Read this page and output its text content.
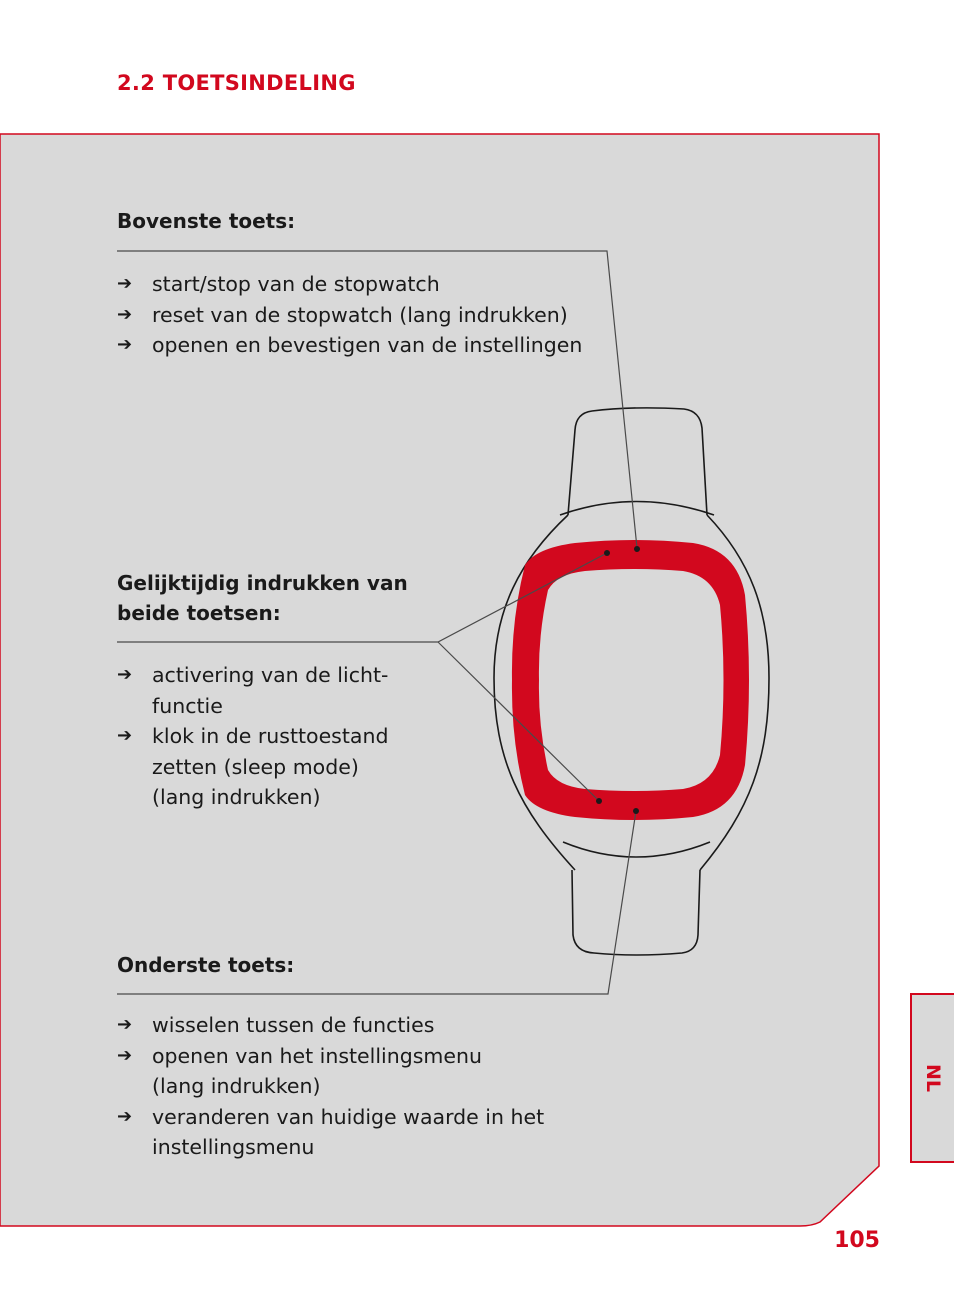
2.2 TOETSINDELING
Bovenste toets:
➔ start/stop van de stopwatch
➔ reset van de stopwatch (lang indrukken)
➔ openen en bevestigen van de instellingen
Gelijktijdig indrukken van
beide toetsen:
➔ activering van de licht-
functie
➔ klok in de rusttoestand
zetten (sleep mode)
(lang indrukken)
Onderste toets:
➔ wisselen tussen de functies
➔ openen van het instellingsmenu
(lang indrukken)
➔ veranderen van huidige waarde in het
instellingsmenu
NL
105
